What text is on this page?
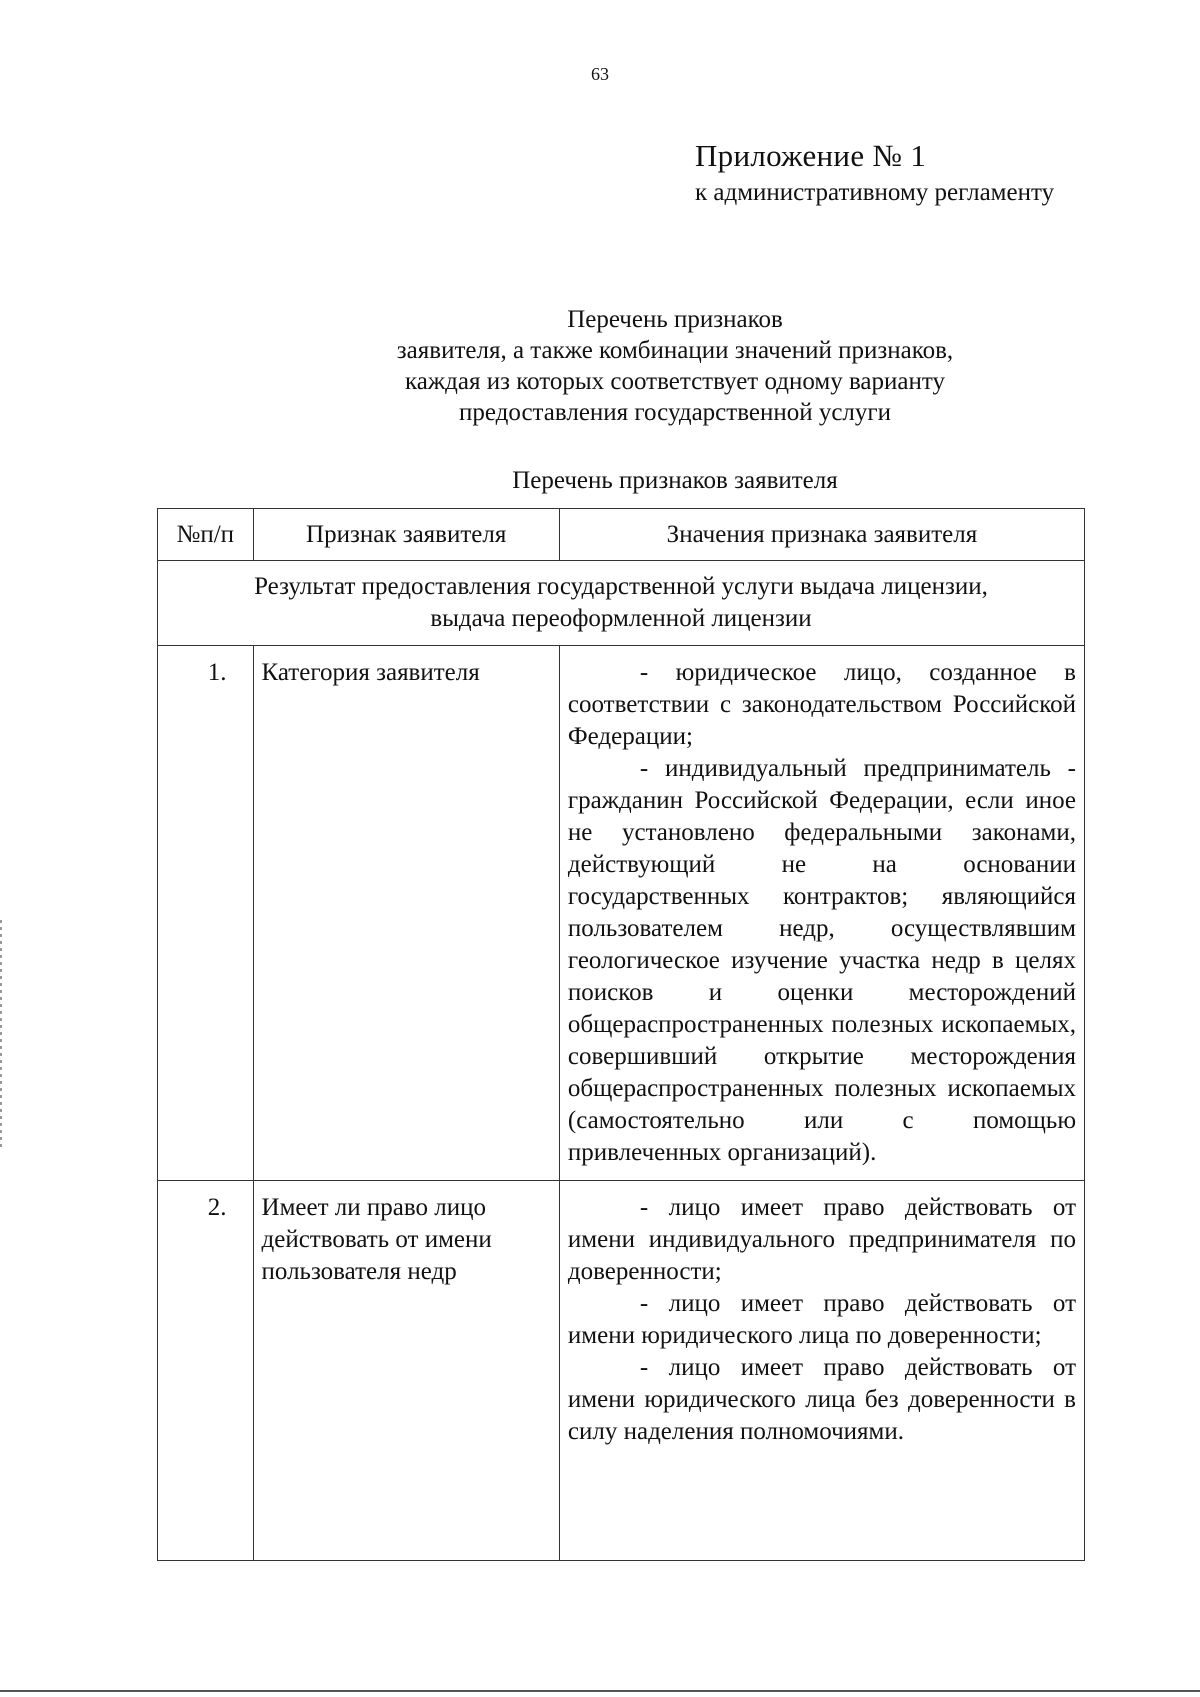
63
Приложение № 1
к административному регламенту
Перечень признаков
заявителя, а также комбинации значений признаков,
каждая из которых соответствует одному варианту
предоставления государственной услуги
Перечень признаков заявителя
№п/п	Признак заявителя	Значения признака заявителя

Результат предоставления государственной услуги выдача лицензии,
выдача переоформленной лицензии		

1.	Категория заявителя	- юридическое лицо, созданное в соответствии с законодательством Российской Федерации;

- индивидуальный предприниматель - гражданин Российской Федерации, если иное не установлено федеральными законами, действующий не на основании государственных контрактов; являющийся пользователем недр, осуществлявшим геологическое изучение участка недр в целях поисков и оценки месторождений общераспространенных полезных ископаемых, совершивший открытие месторождения общераспространенных полезных ископаемых (самостоятельно или с помощью привлеченных организаций).

2.	Имеет ли право лицо действовать от имени пользователя недр	- лицо имеет право действовать от имени индивидуального предпринимателя по доверенности;

- лицо имеет право действовать от имени юридического лица по доверенности;

- лицо имеет право действовать от имени юридического лица без доверенности в силу наделения полномочиями.
